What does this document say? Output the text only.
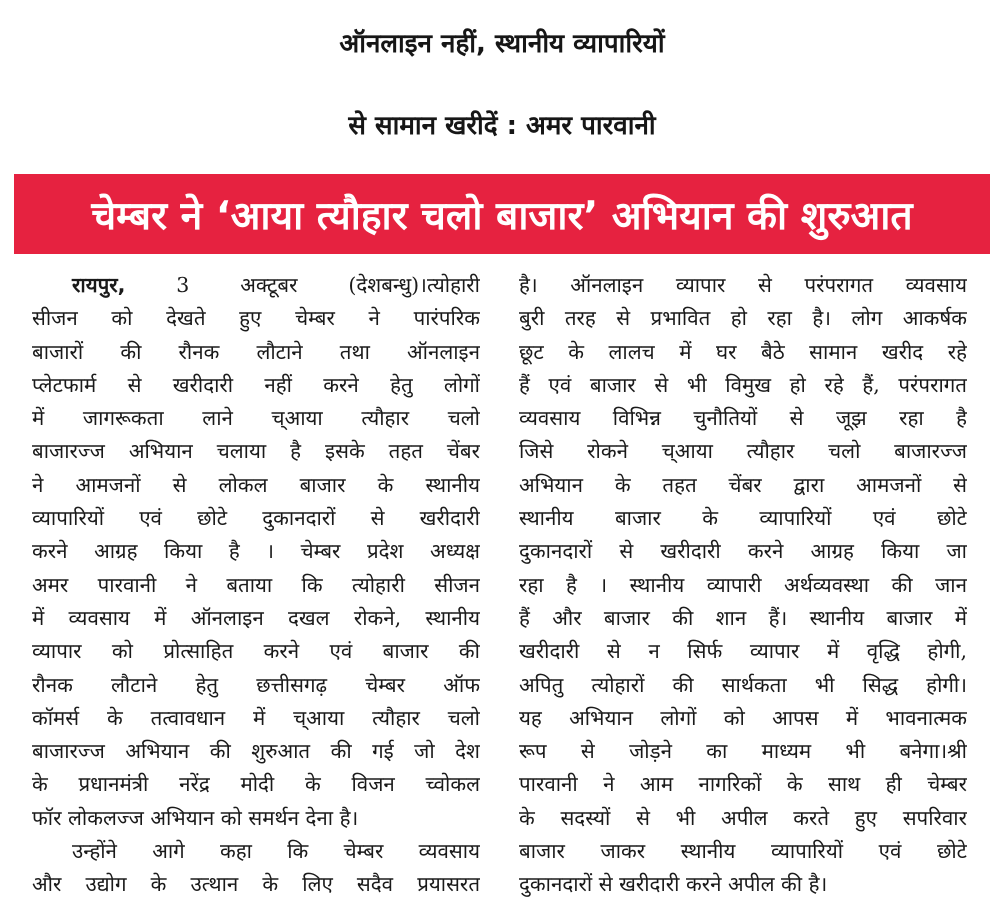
ऑनलाइन नहीं, स्थानीय व्यापारियों
से सामान खरीदें : अमर पारवानी
चेम्बर ने ‘आया त्यौहार चलो बाजार’ अभियान की शुरुआत
रायपुर, 3 अक्टूबर (देशबन्धु)।त्योहारी
सीजन को देखते हुए चेम्बर ने पारंपरिक
बाजारों की रौनक लौटाने तथा ऑनलाइन
प्लेटफार्म से खरीदारी नहीं करने हेतु लोगों
में जागरूकता लाने च्आया त्यौहार चलो
बाजारज्ज अभियान चलाया है इसके तहत चेंबर
ने आमजनों से लोकल बाजार के स्थानीय
व्यापारियों एवं छोटे दुकानदारों से खरीदारी
करने आग्रह किया है । चेम्बर प्रदेश अध्यक्ष
अमर पारवानी ने बताया कि त्योहारी सीजन
में व्यवसाय में ऑनलाइन दखल रोकने, स्थानीय
व्यापार को प्रोत्साहित करने एवं बाजार की
रौनक लौटाने हेतु छत्तीसगढ़ चेम्बर ऑफ
कॉमर्स के तत्वावधान में च्आया त्यौहार चलो
बाजारज्ज अभियान की शुरुआत की गई जो देश
के प्रधानमंत्री नरेंद्र मोदी के विजन च्वोकल
फॉर लोकलज्ज अभियान को समर्थन देना है।
उन्होंने आगे कहा कि चेम्बर व्यवसाय
और उद्योग के उत्थान के लिए सदैव प्रयासरत
है। ऑनलाइन व्यापार से परंपरागत व्यवसाय
बुरी तरह से प्रभावित हो रहा है। लोग आकर्षक
छूट के लालच में घर बैठे सामान खरीद रहे
हैं एवं बाजार से भी विमुख हो रहे हैं, परंपरागत
व्यवसाय विभिन्न चुनौतियों से जूझ रहा है
जिसे रोकने च्आया त्यौहार चलो बाजारज्ज
अभियान के तहत चेंबर द्वारा आमजनों से
स्थानीय बाजार के व्यापारियों एवं छोटे
दुकानदारों से खरीदारी करने आग्रह किया जा
रहा है । स्थानीय व्यापारी अर्थव्यवस्था की जान
हैं और बाजार की शान हैं। स्थानीय बाजार में
खरीदारी से न सिर्फ व्यापार में वृद्धि होगी,
अपितु त्योहारों की सार्थकता भी सिद्ध होगी।
यह अभियान लोगों को आपस में भावनात्मक
रूप से जोड़ने का माध्यम भी बनेगा।श्री
पारवानी ने आम नागरिकों के साथ ही चेम्बर
के सदस्यों से भी अपील करते हुए सपरिवार
बाजार जाकर स्थानीय व्यापारियों एवं छोटे
दुकानदारों से खरीदारी करने अपील की है।
